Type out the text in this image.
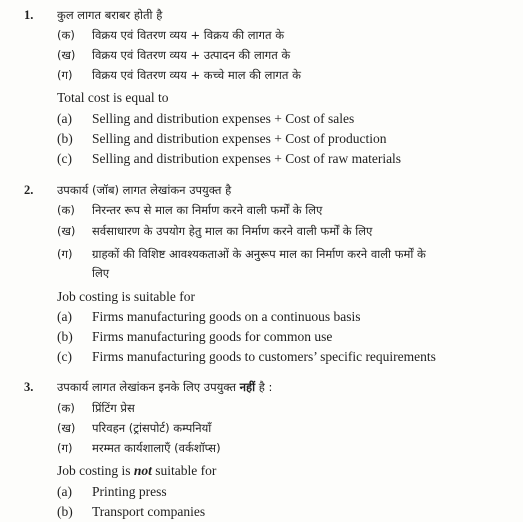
1. कुल लागत बराबर होती है
(क)	विक्रय एवं वितरण व्यय + विक्रय की लागत के
(ख)	विक्रय एवं वितरण व्यय + उत्पादन की लागत के
(ग)	विक्रय एवं वितरण व्यय + कच्चे माल की लागत के
Total cost is equal to
(a)	Selling and distribution expenses + Cost of sales
(b)	Selling and distribution expenses + Cost of production
(c)	Selling and distribution expenses + Cost of raw materials
2. उपकार्य (जॉब) लागत लेखांकन उपयुक्त है
(क)	निरन्तर रूप से माल का निर्माण करने वाली फर्मों के लिए
(ख)	सर्वसाधारण के उपयोग हेतु माल का निर्माण करने वाली फर्मों के लिए
(ग)	ग्राहकों की विशिष्ट आवश्यकताओं के अनुरूप माल का निर्माण करने वाली फर्मों के
लिए
Job costing is suitable for
(a)	Firms manufacturing goods on a continuous basis
(b)	Firms manufacturing goods for common use
(c)	Firms manufacturing goods to customers’ specific requirements
3. उपकार्य लागत लेखांकन इनके लिए उपयुक्त नहीं है :
(क)	प्रिंटिंग प्रेस
(ख)	परिवहन (ट्रांसपोर्ट) कम्पनियाँ
(ग)	मरम्मत कार्यशालाएँ (वर्कशॉप्स)
Job costing is not suitable for
(a)	Printing press
(b)	Transport companies
